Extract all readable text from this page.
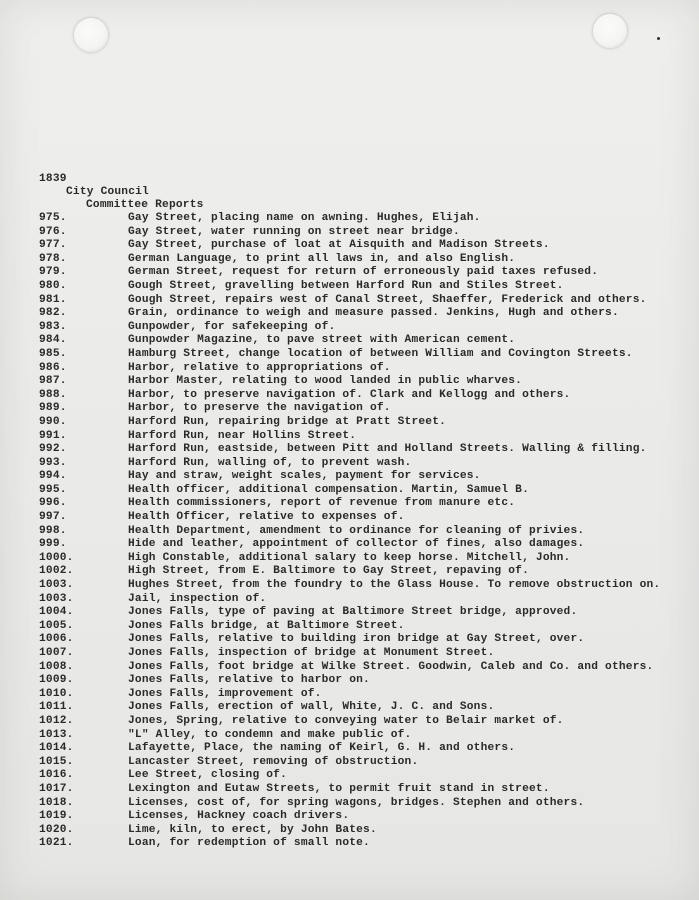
1839
City Council
Committee Reports
975.	Gay Street, placing name on awning. Hughes, Elijah.
976.	Gay Street, water running on street near bridge.
977.	Gay Street, purchase of loat at Aisquith and Madison Streets.
978.	German Language, to print all laws in, and also English.
979.	German Street, request for return of erroneously paid taxes refused.
980.	Gough Street, gravelling between Harford Run and Stiles Street.
981.	Gough Street, repairs west of Canal Street, Shaeffer, Frederick and others.
982.	Grain, ordinance to weigh and measure passed. Jenkins, Hugh and others.
983.	Gunpowder, for safekeeping of.
984.	Gunpowder Magazine, to pave street with American cement.
985.	Hamburg Street, change location of between William and Covington Streets.
986.	Harbor, relative to appropriations of.
987.	Harbor Master, relating to wood landed in public wharves.
988.	Harbor, to preserve navigation of. Clark and Kellogg and others.
989.	Harbor, to preserve the navigation of.
990.	Harford Run, repairing bridge at Pratt Street.
991.	Harford Run, near Hollins Street.
992.	Harford Run, eastside, between Pitt and Holland Streets. Walling & filling.
993.	Harford Run, walling of, to prevent wash.
994.	Hay and straw, weight scales, payment for services.
995.	Health officer, additional compensation. Martin, Samuel B.
996.	Health commissioners, report of revenue from manure etc.
997.	Health Officer, relative to expenses of.
998.	Health Department, amendment to ordinance for cleaning of privies.
999.	Hide and leather, appointment of collector of fines, also damages.
1000.	High Constable, additional salary to keep horse. Mitchell, John.
1002.	High Street, from E. Baltimore to Gay Street, repaving of.
1003.	Hughes Street, from the foundry to the Glass House. To remove obstruction on.
1003.	Jail, inspection of.
1004.	Jones Falls, type of paving at Baltimore Street bridge, approved.
1005.	Jones Falls bridge, at Baltimore Street.
1006.	Jones Falls, relative to building iron bridge at Gay Street, over.
1007.	Jones Falls, inspection of bridge at Monument Street.
1008.	Jones Falls, foot bridge at Wilke Street. Goodwin, Caleb and Co. and others.
1009.	Jones Falls, relative to harbor on.
1010.	Jones Falls, improvement of.
1011.	Jones Falls, erection of wall, White, J. C. and Sons.
1012.	Jones, Spring, relative to conveying water to Belair market of.
1013.	"L" Alley, to condemn and make public of.
1014.	Lafayette, Place, the naming of Keirl, G. H. and others.
1015.	Lancaster Street, removing of obstruction.
1016.	Lee Street, closing of.
1017.	Lexington and Eutaw Streets, to permit fruit stand in street.
1018.	Licenses, cost of, for spring wagons, bridges. Stephen and others.
1019.	Licenses, Hackney coach drivers.
1020.	Lime, kiln, to erect, by John Bates.
1021.	Loan, for redemption of small note.
